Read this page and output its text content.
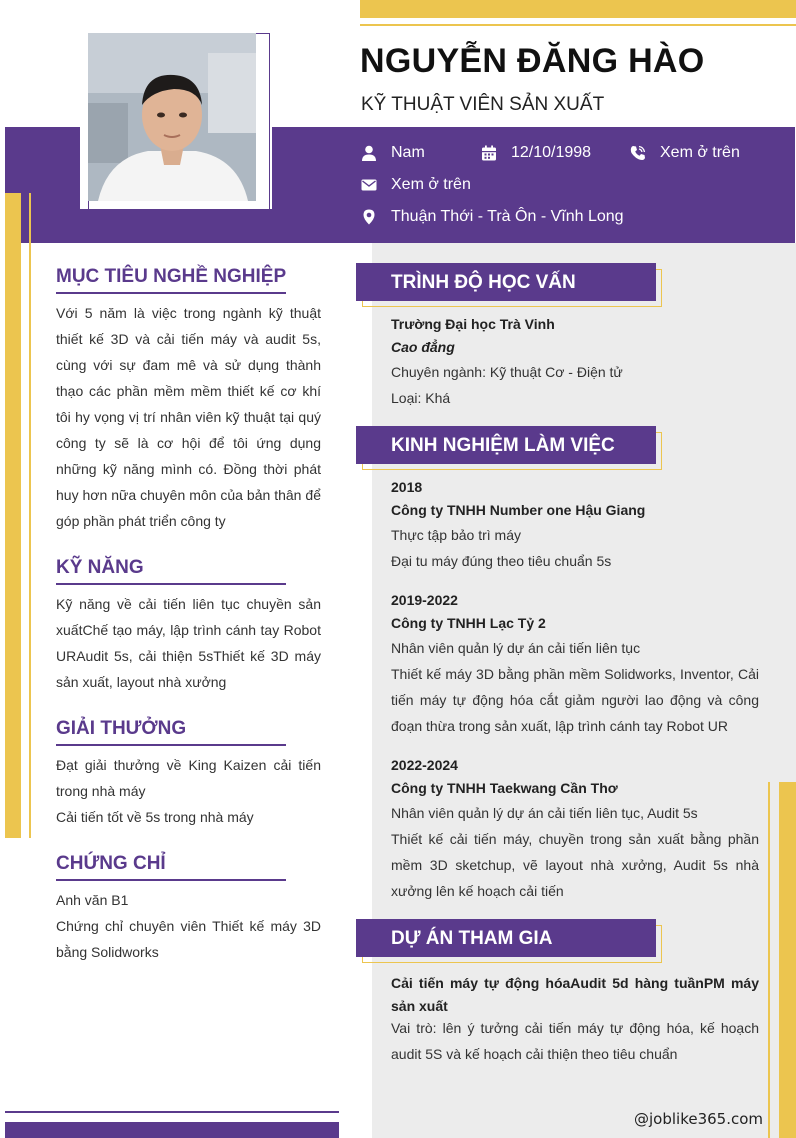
NGUYỄN ĐĂNG HÀO
KỸ THUẬT VIÊN SẢN XUẤT
Nam	12/10/1998	Xem ở trên
Xem ở trên
Thuận Thới - Trà Ôn - Vĩnh Long
MỤC TIÊU NGHỀ NGHIỆP
Với 5 năm là việc trong ngành kỹ thuật thiết kế 3D và cải tiến máy và audit 5s, cùng với sự đam mê và sử dụng thành thạo các phần mềm mềm thiết kế cơ khí tôi hy vọng vị trí nhân viên kỹ thuật tại quý công ty sẽ là cơ hội để tôi ứng dụng những kỹ năng mình có. Đồng thời phát huy hơn nữa chuyên môn của bản thân để góp phần phát triển công ty
KỸ NĂNG
Kỹ năng về cải tiến liên tục chuyền sản xuấtChế tạo máy, lập trình cánh tay Robot URAudit 5s, cải thiện 5sThiết kế 3D máy sản xuất, layout nhà xưởng
GIẢI THƯỞNG
Đạt giải thưởng về King Kaizen cải tiến trong nhà máy
Cải tiến tốt về 5s trong nhà máy
CHỨNG CHỈ
Anh văn B1
Chứng chỉ chuyên viên Thiết kế máy 3D bằng Solidworks
TRÌNH ĐỘ HỌC VẤN
Trường Đại học Trà Vinh
Cao đẳng
Chuyên ngành: Kỹ thuật Cơ - Điện tử
Loại: Khá
KINH NGHIỆM LÀM VIỆC
2018
Công ty TNHH Number one Hậu Giang
Thực tập bảo trì máy
Đại tu máy đúng theo tiêu chuẩn 5s
2019-2022
Công ty TNHH Lạc Tỷ 2
Nhân viên quản lý dự án cải tiến liên tục
Thiết kế máy 3D bằng phần mềm Solidworks, Inventor, Cải tiến máy tự động hóa cắt giảm người lao động và công đoạn thừa trong sản xuất, lập trình cánh tay Robot UR
2022-2024
Công ty TNHH Taekwang Cần Thơ
Nhân viên quản lý dự án cải tiến liên tục, Audit 5s
Thiết kế cải tiến máy, chuyền trong sản xuất bằng phần mềm 3D sketchup, vẽ layout nhà xưởng, Audit 5s nhà xưởng lên kế hoạch cải tiến
DỰ ÁN THAM GIA
Cải tiến máy tự động hóaAudit 5d hàng tuầnPM máy sản xuất
Vai trò: lên ý tưởng cải tiến máy tự động hóa, kế hoạch audit 5S và kế hoạch cải thiện theo tiêu chuẩn
@joblike365.com
